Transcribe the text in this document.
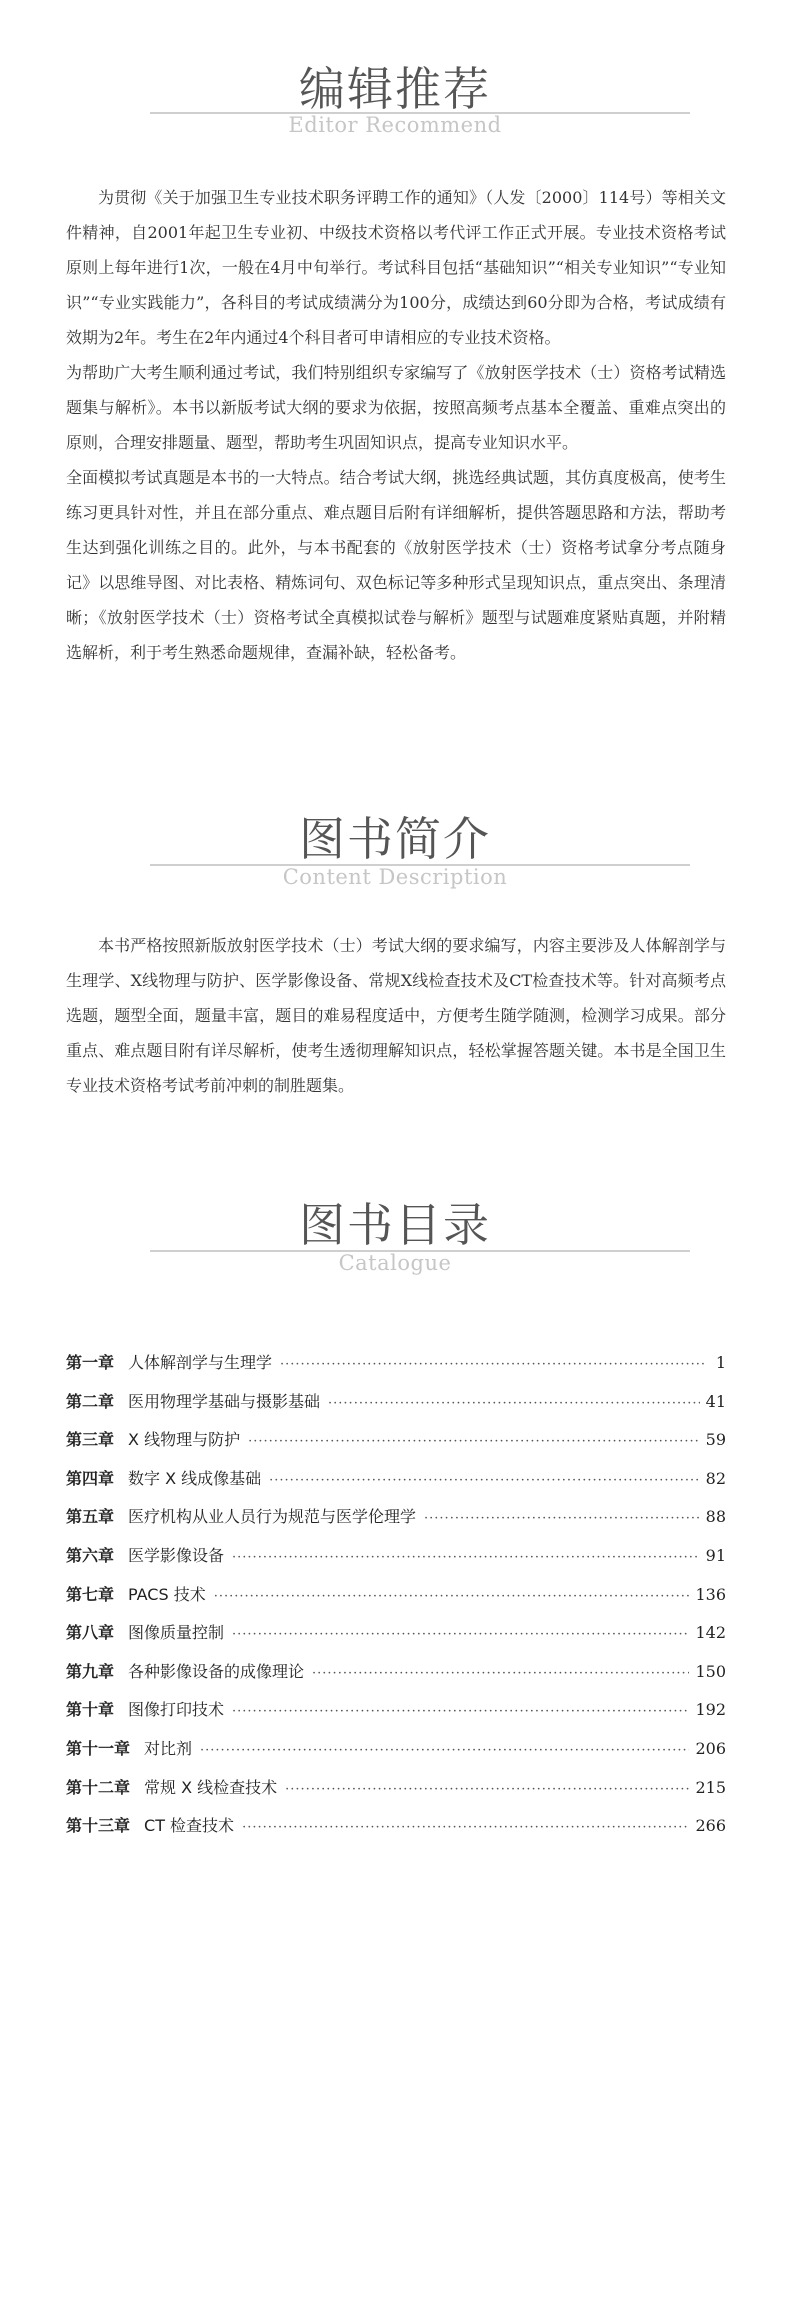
编辑推荐
Editor Recommend

为贯彻《关于加强卫生专业技术职务评聘工作的通知》（人发〔2000〕114号）等相关文件精神，自2001年起卫生专业初、中级技术资格以考代评工作正式开展。专业技术资格考试原则上每年进行1次，一般在4月中旬举行。考试科目包括“基础知识”“相关专业知识”“专业知识”“专业实践能力”，各科目的考试成绩满分为100分，成绩达到60分即为合格，考试成绩有效期为2年。考生在2年内通过4个科目者可申请相应的专业技术资格。

为帮助广大考生顺利通过考试，我们特别组织专家编写了《放射医学技术（士）资格考试精选题集与解析》。本书以新版考试大纲的要求为依据，按照高频考点基本全覆盖、重难点突出的原则，合理安排题量、题型，帮助考生巩固知识点，提高专业知识水平。

全面模拟考试真题是本书的一大特点。结合考试大纲，挑选经典试题，其仿真度极高，使考生练习更具针对性，并且在部分重点、难点题目后附有详细解析，提供答题思路和方法，帮助考生达到强化训练之目的。此外，与本书配套的《放射医学技术（士）资格考试拿分考点随身记》以思维导图、对比表格、精炼词句、双色标记等多种形式呈现知识点，重点突出、条理清晰；《放射医学技术（士）资格考试全真模拟试卷与解析》题型与试题难度紧贴真题，并附精选解析，利于考生熟悉命题规律，查漏补缺，轻松备考。

图书简介
Content Description

本书严格按照新版放射医学技术（士）考试大纲的要求编写，内容主要涉及人体解剖学与生理学、X线物理与防护、医学影像设备、常规X线检查技术及CT检查技术等。针对高频考点选题，题型全面，题量丰富，题目的难易程度适中，方便考生随学随测，检测学习成果。部分重点、难点题目附有详尽解析，使考生透彻理解知识点，轻松掌握答题关键。本书是全国卫生专业技术资格考试考前冲刺的制胜题集。

图书目录
Catalogue
第一章 人体解剖学与生理学 ·····	1
第二章 医用物理学基础与摄影基础 ·····	41
第三章 X 线物理与防护 ·····	59
第四章 数字 X 线成像基础 ·····	82
第五章 医疗机构从业人员行为规范与医学伦理学 ·····	88
第六章 医学影像设备 ·····	91
第七章 PACS 技术 ·····	136
第八章 图像质量控制 ·····	142
第九章 各种影像设备的成像理论 ·····	150
第十章 图像打印技术 ·····	192
第十一章 对比剂 ·····	206
第十二章 常规 X 线检查技术 ·····	215
第十三章 CT 检查技术 ·····	266
